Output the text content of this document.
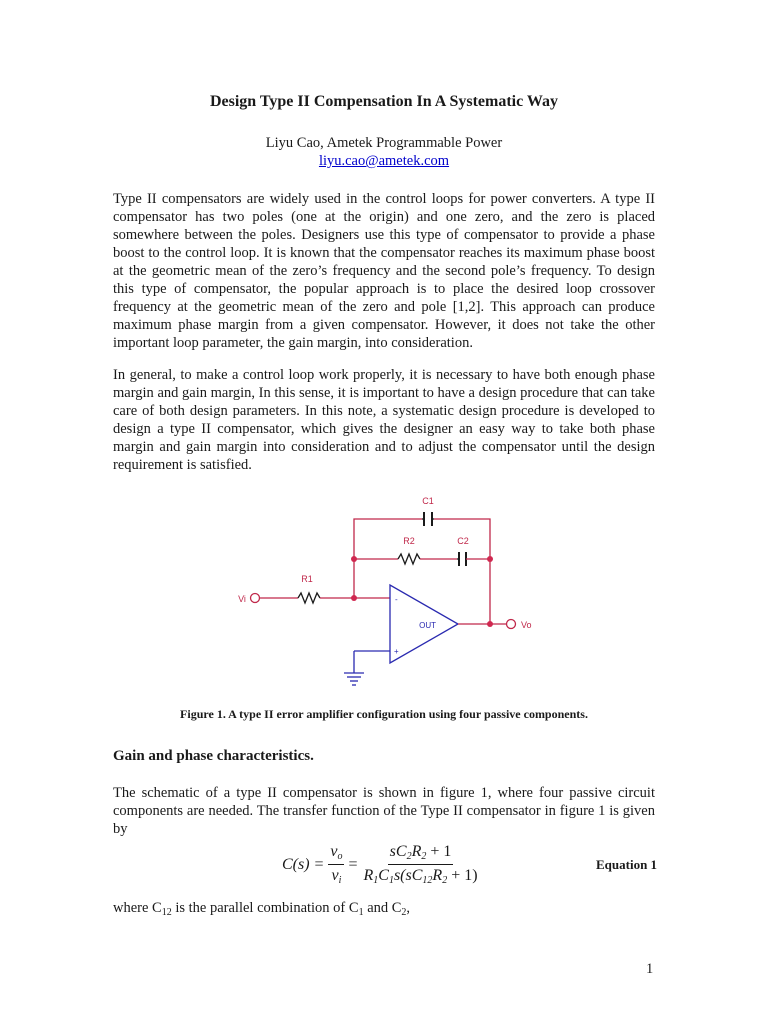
Design Type II Compensation In A Systematic Way
Liyu Cao, Ametek Programmable Power
liyu.cao@ametek.com

Type II compensators are widely used in the control loops for power converters. A type II compensator has two poles (one at the origin) and one zero, and the zero is placed somewhere between the poles. Designers use this type of compensator to provide a phase boost to the control loop. It is known that the compensator reaches its maximum phase boost at the geometric mean of the zero’s frequency and the second pole’s frequency. To design this type of compensator, the popular approach is to place the desired loop crossover frequency at the geometric mean of the zero and pole [1,2]. This approach can produce maximum phase margin from a given compensator. However, it does not take the other important loop parameter, the gain margin, into consideration.

In general, to make a control loop work properly, it is necessary to have both enough phase margin and gain margin, In this sense, it is important to have a design procedure that can take care of both design parameters. In this note, a systematic design procedure is developed to design a type II compensator, which gives the designer an easy way to take both phase margin and gain margin into consideration and to adjust the compensator until the design requirement is satisfied.

C1
R2	C2
R1
Vi
Vo
OUT
-
+
Figure 1. A type II error amplifier configuration using four passive components.
Gain and phase characteristics.

The schematic of a type II compensator is shown in figure 1, where four passive circuit components are needed. The transfer function of the Type II compensator in figure 1 is given by

$C(s) = \frac{v_o}{v_i} = \frac{sC_2R_2 + 1}{R_1C_1s(sC_{12}R_2 + 1)}$	Equation 1
where $C_{12}$ is the parallel combination of $C_1$ and $C_2$,
1
